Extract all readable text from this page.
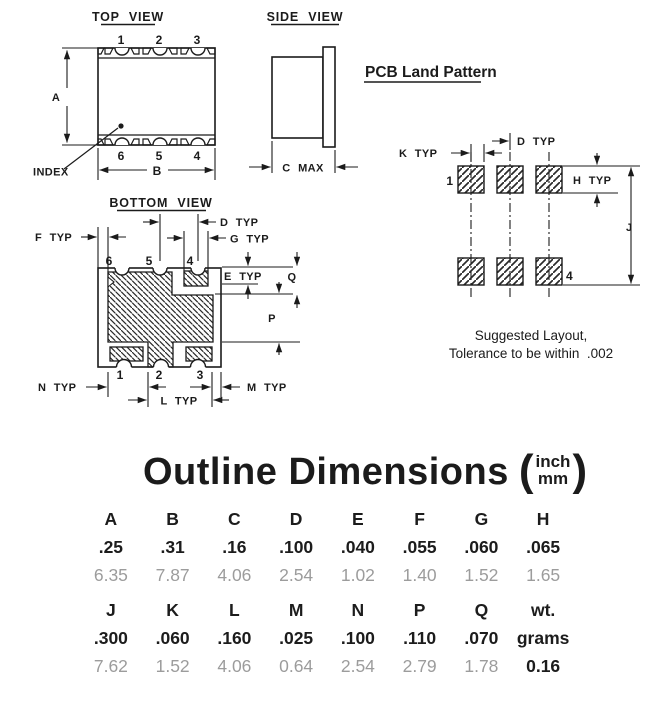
TOP VIEW
1	2	3
6	5	4
A
B
INDEX
SIDE VIEW
C MAX
BOTTOM VIEW
6	5	4
1	2	3
F TYP
D TYP
G TYP
E TYP Q
P
N TYP	M TYP
L TYP
PCB Land Pattern
K TYP
D TYP
H TYP
J
1
4
Suggested Layout,
Tolerance to be within  .002
Outline Dimensions ( inch
mm )
A	B	C	D	E	F	G	H
.25	.31	.16	.100	.040	.055	.060	.065
6.35	7.87	4.06	2.54	1.02	1.40	1.52	1.65
J	K	L	M	N	P	Q	wt.
.300	.060	.160	.025	.100	.110	.070	grams
7.62	1.52	4.06	0.64	2.54	2.79	1.78	0.16
